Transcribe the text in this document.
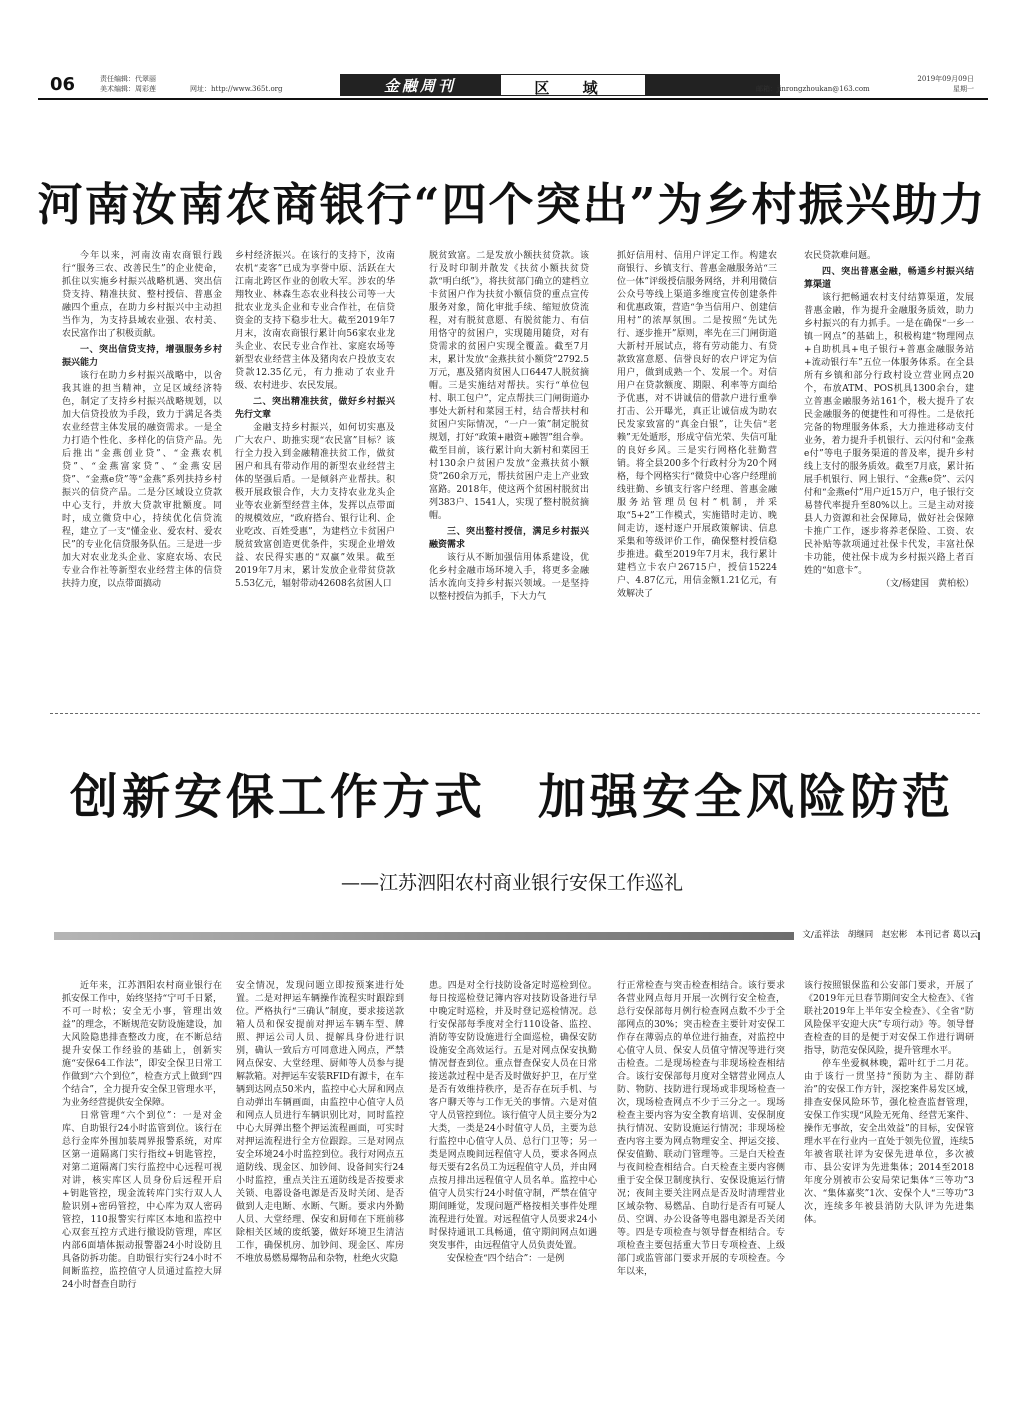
06	责任编辑：代翠丽
美术编辑：周彩莲	网址：http://www.365t.org	金融周刊	区 域	邮箱：jinrongzhoukan@163.com
2019年09月09日
星期一
河南汝南农商银行“四个突出”为乡村振兴助力

今年以来，河南汝南农商银行践行“服务三农、改善民生”的企业使命，抓住以实施乡村振兴战略机遇、突出信贷支持、精准扶贫、整村授信、普惠金融四个重点，在助力乡村振兴中主动担当作为，为支持县域农业强、农村美、农民富作出了积极贡献。

一、突出信贷支持，增强服务乡村振兴能力

该行在助力乡村振兴战略中，以舍我其谁的担当精神，立足区域经济特色，制定了支持乡村振兴战略规划，以加大信贷投放为手段，致力于满足各类农业经营主体发展的融资需求。一是全力打造个性化、多样化的信贷产品。先后推出“金燕创业贷”、“金燕农机贷”、“金燕富家贷”、“金燕安居贷”、“金燕e贷”等“金燕”系列扶持乡村振兴的信贷产品。二是分区域设立贷款中心支行，并放大贷款审批额度。同时，成立微贷中心，持续优化信贷流程，建立了一支“懂金业、爱农村、爱农民”的专业化信贷服务队伍。三是进一步加大对农业龙头企业、家庭农场、农民专业合作社等新型农业经营主体的信贷扶持力度，以点带面搞动

乡村经济振兴。在该行的支持下，汝南农机“麦客”已成为享誉中原、活跃在大江南北跨区作业的创收大军。涉农的华翔牧业、林森生态农业科技公司等一大批农业龙头企业和专业合作社，在信贷资金的支持下稳步壮大。截至2019年7月末，汝南农商银行累计向56家农业龙头企业、农民专业合作社、家庭农场等新型农业经营主体及猪肉农户投放支农贷款12.35亿元，有力推动了农业升级、农村进步、农民发展。

二、突出精准扶贫，做好乡村振兴先行文章

金融支持乡村振兴，如何切实惠及广大农户、助推实现“农民富”目标？该行全力投入到金融精准扶贫工作，做贫困户和具有带动作用的新型农业经营主体的坚强后盾。一是倾斜产业帮扶。积极开展政银合作，大力支持农业龙头企业等农业新型经营主体，发挥以点带面的规模效应，“政府搭台、银行让利、企业吃改、百姓受惠”，为建档立卡贫困户脱贫致富创造更优条件，实现企业增效益、农民得实惠的“双赢”效果。截至2019年7月末，累计发放企业带贫贷款5.53亿元，辐射带动42608名贫困人口

脱贫致富。二是发放小额扶贫贷款。该行及时印制并散发《扶贫小额扶贫贷款“明白纸”》，将扶贫部门确立的建档立卡贫困户作为扶贫小额信贷的重点宣传服务对象，简化审批手续、缩短放贷流程，对有脱贫意愿、有脱贫能力、有信用恪守的贫困户，实现随用随贷，对有贷需求的贫困户实现全覆盖。截至7月末，累计发放“金燕扶贫小额贷”2792.5万元，惠及猪肉贫困人口6447人脱贫摘帽。三是实施结对帮扶。实行“单位包村、职工包户”，定点帮扶三门闸街道办事处大新村和菜园王村，结合帮扶村和贫困户实际情况，“一户一策”制定脱贫规划，打好“政策+融资+融智”组合拳。截至目前，该行累计向大新村和菜园王村130余户贫困户发放“金燕扶贫小额贷”260余万元，帮扶贫困户走上产业致富路。2018年，使这两个贫困村脱贫出列383户、1541人，实现了整村脱贫摘帽。

三、突出整村授信，满足乡村振兴融资需求

该行从不断加强信用体系建设，优化乡村金融市场环境入手，将更多金融活水流向支持乡村振兴领域。一是坚持以整村授信为抓手，下大力气

抓好信用村、信用户评定工作。构建农商银行、乡镇支行、普惠金融服务站“三位一体”评级授信服务网络，并利用微信公众号等线上渠道多维度宣传创建条件和优惠政策，营造“争当信用户、创建信用村”的浓厚氛围。二是按照“先试先行、逐步推开”原则，率先在三门闸街道大新村开展试点，将有劳动能力、有贷款致富意愿、信誉良好的农户评定为信用户，做到成熟一个、发展一个。对信用户在贷款额度、期限、利率等方面给予优惠，对不讲诚信的借款户进行重拳打击、公开曝光，真正让诚信成为助农民发家致富的“真金白银”，让失信“老赖”无处遁形，形成守信光荣、失信可耻的良好乡风。三是实行网格化驻勤营销。将全县200多个行政村分为20个网格，每个网格实行“微贷中心客户经理前线驻勤、乡镇支行客户经理、普惠金融服务站管理员包村”机制，并采取“5+2”工作模式，实施错时走访、晚间走访，逐村逐户开展政策解读、信息采集和等级评价工作，确保整村授信稳步推进。截至2019年7月末，我行累计建档立卡农户26715户，授信15224户、4.87亿元，用信金额1.21亿元，有效解决了

农民贷款难问题。

四、突出普惠金融，畅通乡村振兴结算渠道

该行把畅通农村支付结算渠道，发展普惠金融，作为提升金融服务质效，助力乡村振兴的有力抓手。一是在确保“一乡一镇一网点”的基础上，积极构建“物理网点+自助机具+电子银行+普惠金融服务站+流动银行车”五位一体服务体系。在全县所有乡镇和部分行政村设立营业网点20个，布放ATM、POS机具1300余台，建立普惠金融服务站161个，极大提升了农民金融服务的便捷性和可得性。二是依托完备的物理服务体系，大力推进移动支付业务，着力提升手机银行、云闪付和“金燕e付”等电子服务渠道的普及率，提升乡村线上支付的服务质效。截至7月底，累计拓展手机银行、网上银行、“金燕e贷”、云闪付和“金燕e付”用户近15万户，电子银行交易替代率提升至80%以上。三是主动对接县人力资源和社会保障局，做好社会保障卡推广工作，逐步将养老保险、工资、农民补贴等款项通过社保卡代发，丰富社保卡功能，使社保卡成为乡村振兴路上者百姓的“如意卡”。

（文/杨建国　黄柏松）

创新安保工作方式　加强安全风险防范
——江苏泗阳农村商业银行安保工作巡礼
文/孟祥法　胡继同　赵宏彬　本刊记者 葛以云

近年来，江苏泗阳农村商业银行在抓安保工作中，始终坚持“宁可千日紧，不可一时松；安全无小事，管理出效益”的理念，不断规范安防设施建设，加大风险隐患排查整改力度，在不断总结提升安保工作经验的基础上，创新实施“安保64工作法”，即安全保卫日常工作做到“六个到位”，检查方式上做到“四个结合”，全力提升安全保卫管理水平，为业务经营提供安全保障。

日常管理“六个到位”：一是对金库、自助银行24小时监管到位。该行在总行金库外围加装周界报警系统，对库区第一道隔离门实行指纹+钥匙管控，对第二道隔离门实行监控中心远程可视对讲，核实库区人员身份后远程开启+钥匙管控，现金流转库门实行双人人脸识别+密码管控，中心库为双人密码管控，110报警实行库区本地和监控中心双套互控方式进行撤设防管理，库区内部6面墙体振动报警器24小时设防且具备防拆功能。自助银行实行24小时不间断监控，监控值守人员通过监控大屏24小时督查自助行

安全情况，发现问题立即按预案进行处置。二是对押运车辆操作流程实时跟踪到位。严格执行“三确认”制度，要求接送款箱人员和保安提前对押运车辆车型、牌照、押运公司人员、提解具身份进行识别，确认一致后方可同意进入网点，严禁网点保安、大堂经理、厨师等人员参与提解款箱。对押运车安装RFID有源卡，在车辆到达网点50米内，监控中心大屏和网点自动弹出车辆画面，由监控中心值守人员和网点人员进行车辆识别比对，同时监控中心大屏弹出整个押运流程画面，可实时对押运流程进行全方位跟踪。三是对网点安全环境24小时监控到位。我行对网点五道防线、现金区、加钞间、设备间实行24小时监控，重点关注五道防线是否按要求关锁、电器设备电源是否及时关闭、是否做到人走电断、水断、气断。要求内外勤人员、大堂经理、保安和厨师在下班前移除相关区域的废纸篓，做好环境卫生清洁工作，确保机房、加钞间、现金区、库房不堆放易燃易爆物品和杂物，杜绝火灾隐

患。四是对全行技防设备定时巡检到位。每日按巡检登记簿内容对技防设备进行早中晚定时巡检，并及时登记巡检情况。总行安保部每季度对全行110设备、监控、消防等安防设施进行全面巡检，确保安防设施安全高效运行。五是对网点保安执勤情况督查到位。重点督查保安人员在日常接送款过程中是否及时做好护卫，在厅堂是否有效维持秩序，是否存在玩手机、与客户聊天等与工作无关的事情。六是对值守人员管控到位。该行值守人员主要分为2大类，一类是24小时值守人员，主要为总行监控中心值守人员、总行门卫等；另一类是网点晚间远程值守人员，要求各网点每天要有2名员工为远程值守人员，并由网点按月排出远程值守人员名单。监控中心值守人员实行24小时值守制，严禁在值守期间睡觉，发现问题严格按相关事件处理流程进行处置。对远程值守人员要求24小时保持通讯工具畅通，值守期间网点如遇突发事件，由远程值守人员负责处置。

安保检查“四个结合”：一是例

行正常检查与突击检查相结合。该行要求各营业网点每月开展一次例行安全检查，总行安保部每月例行检查网点数不少于全部网点的30%；突击检查主要针对安保工作存在薄弱点的单位进行抽查，对监控中心值守人员、保安人员值守情况等进行突击检查。二是现场检查与非现场检查相结合。该行安保部每月度对全辖营业网点人防、物防、技防进行现场或非现场检查一次，现场检查网点不少于三分之一。现场检查主要内容为安全教育培训、安保制度执行情况、安防设施运行情况；非现场检查内容主要为网点物理安全、押运交接、保安值勤、联动门管理等。三是白天检查与夜间检查相结合。白天检查主要内容侧重于安全保卫制度执行、安保设施运行情况；夜间主要关注网点是否及时清理营业区域杂物、易燃品、自助行是否有可疑人员、空调、办公设备等电器电源是否关闭等。四是专项检查与领导督查相结合。专项检查主要包括重大节日专项检查、上级部门或监管部门要求开展的专项检查。今年以来，

该行按照银保监和公安部门要求，开展了《2019年元旦春节期间安全大检查》、《省联社2019年上半年安全检查》、《全省“防风险保平安迎大庆”专项行动》等。领导督查检查的目的是便于对安保工作进行调研指导，防范安保风险，提升管理水平。

停车坐爱枫林晚，霜叶红于二月花。由于该行一贯坚持“预防为主、群防群治”的安保工作方针，深挖案件易发区域，排查安保风险环节，强化检查监督管理，安保工作实现“风险无死角、经营无案件、操作无事故，安全出效益”的目标，安保管理水平在行业内一直处于领先位置，连续5年被省联社评为安保先进单位，多次被市、县公安评为先进集体；2014至2018年度分别被市公安局荣记集体“三等功”3次、“集体嘉奖”1次、安保个人“三等功”3次，连续多年被县消防大队评为先进集体。
